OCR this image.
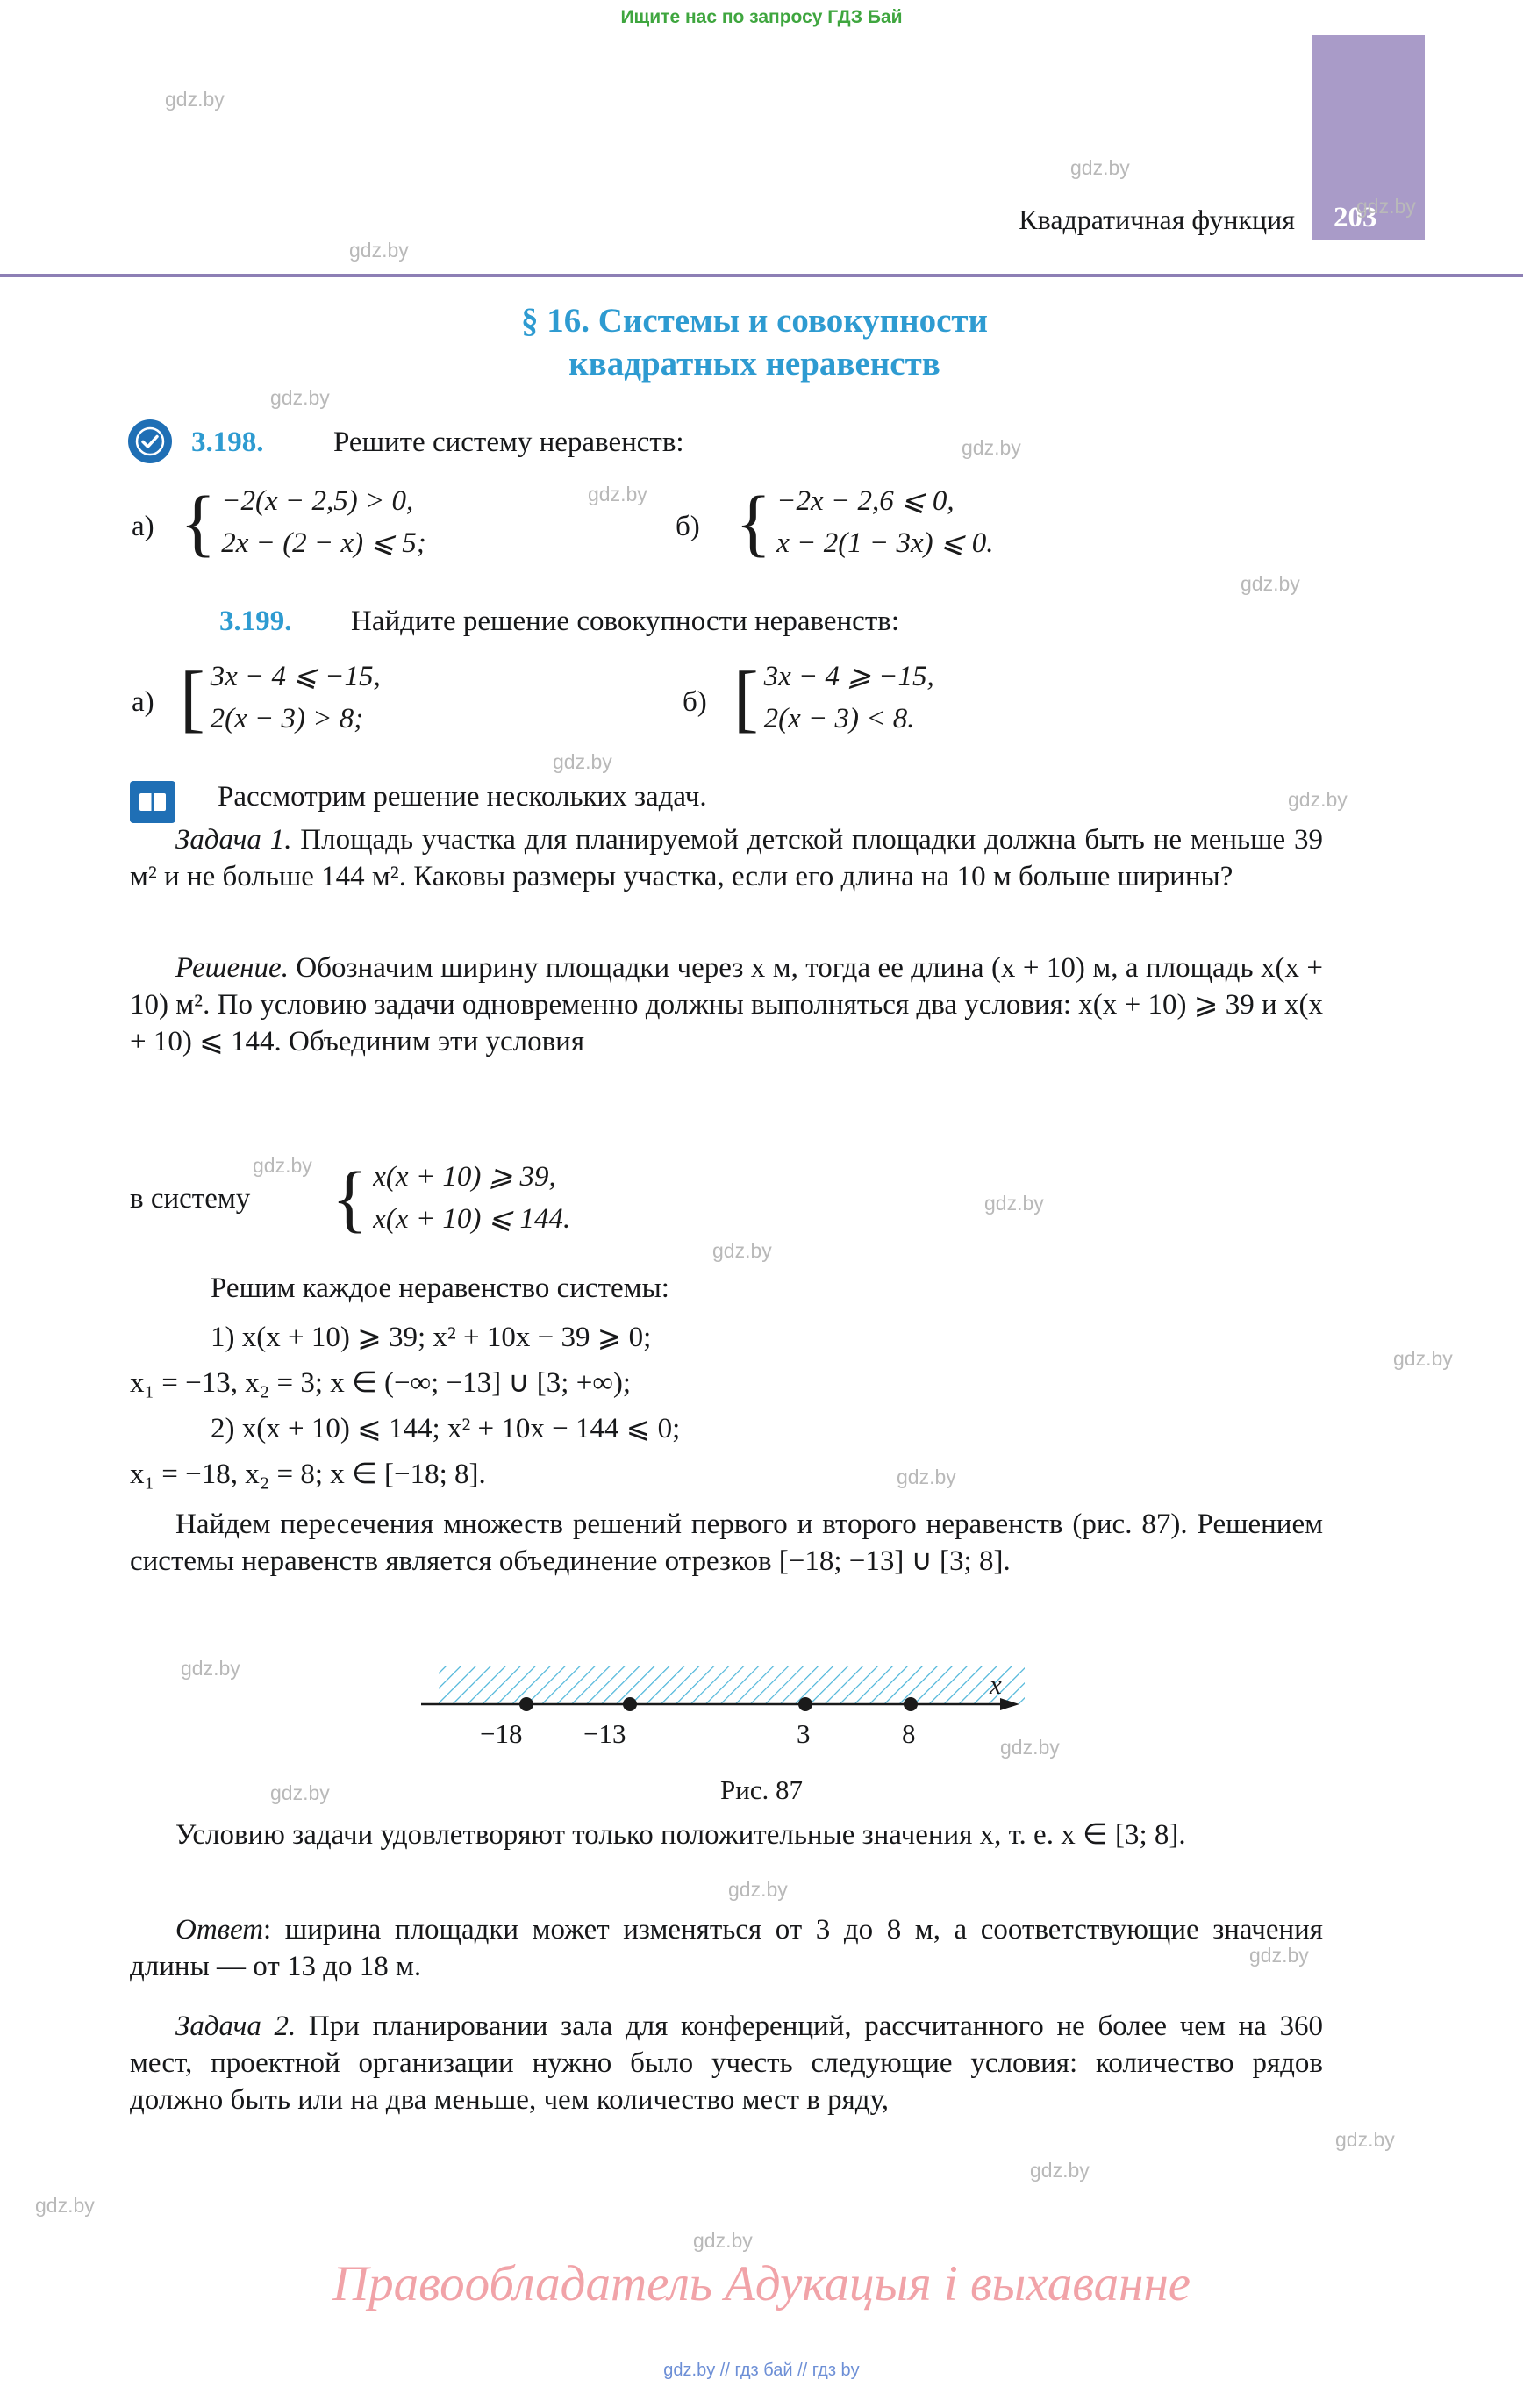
Ищите нас по запросу ГДЗ Бай
203
Квадратичная функция
§ 16. Системы и совокупности
квадратных неравенств
3.198. Решите систему неравенств:
а) { −2(x − 2,5) > 0,
2x − (2 − x) ⩽ 5;
б) { −2x − 2,6 ⩽ 0,
x − 2(1 − 3x) ⩽ 0.
3.199. Найдите решение совокупности неравенств:
а) [ 3x − 4 ⩽ −15,
2(x − 3) > 8;
б) [ 3x − 4 ⩾ −15,
2(x − 3) < 8.
Рассмотрим решение нескольких задач.
Задача 1. Площадь участка для планируемой детской площадки должна быть не меньше 39 м² и не больше 144 м². Каковы размеры участка, если его длина на 10 м больше ширины?
Решение. Обозначим ширину площадки через x м, тогда ее длина (x + 10) м, а площадь x(x + 10) м². По условию задачи одновременно должны выполняться два условия: x(x + 10) ⩾ 39 и x(x + 10) ⩽ 144. Объединим эти условия
в систему { x(x + 10) ⩾ 39,
x(x + 10) ⩽ 144.
Решим каждое неравенство системы:
1) x(x + 10) ⩾ 39; x² + 10x − 39 ⩾ 0;
x₁ = −13, x₂ = 3; x ∈ (−∞; −13] ∪ [3; +∞);
2) x(x + 10) ⩽ 144; x² + 10x − 144 ⩽ 0;
x₁ = −18, x₂ = 8; x ∈ [−18; 8].
Найдем пересечения множеств решений первого и второго неравенств (рис. 87). Решением системы неравенств является объединение отрезков [−18; −13] ∪ [3; 8].
−18 −13	3	8
x
Рис. 87
Условию задачи удовлетворяют только положительные значения x, т. е. x ∈ [3; 8].
Ответ: ширина площадки может изменяться от 3 до 8 м, а соответствующие значения длины — от 13 до 18 м.
Задача 2. При планировании зала для конференций, рассчитанного не более чем на 360 мест, проектной организации нужно было учесть следующие условия: количество рядов должно быть или на два меньше, чем количество мест в ряду,
gdz.by
gdz.by
gdz.by
gdz.by
gdz.by
gdz.by
gdz.by
gdz.by
gdz.by
gdz.by
gdz.by
gdz.by
gdz.by
gdz.by
gdz.by
gdz.by
gdz.by
gdz.by
gdz.by
gdz.by
gdz.by
gdz.by
gdz.by
gdz.by
Правообладатель Адукацыя і выхаванне
gdz.by // гдз бай // гдз by
